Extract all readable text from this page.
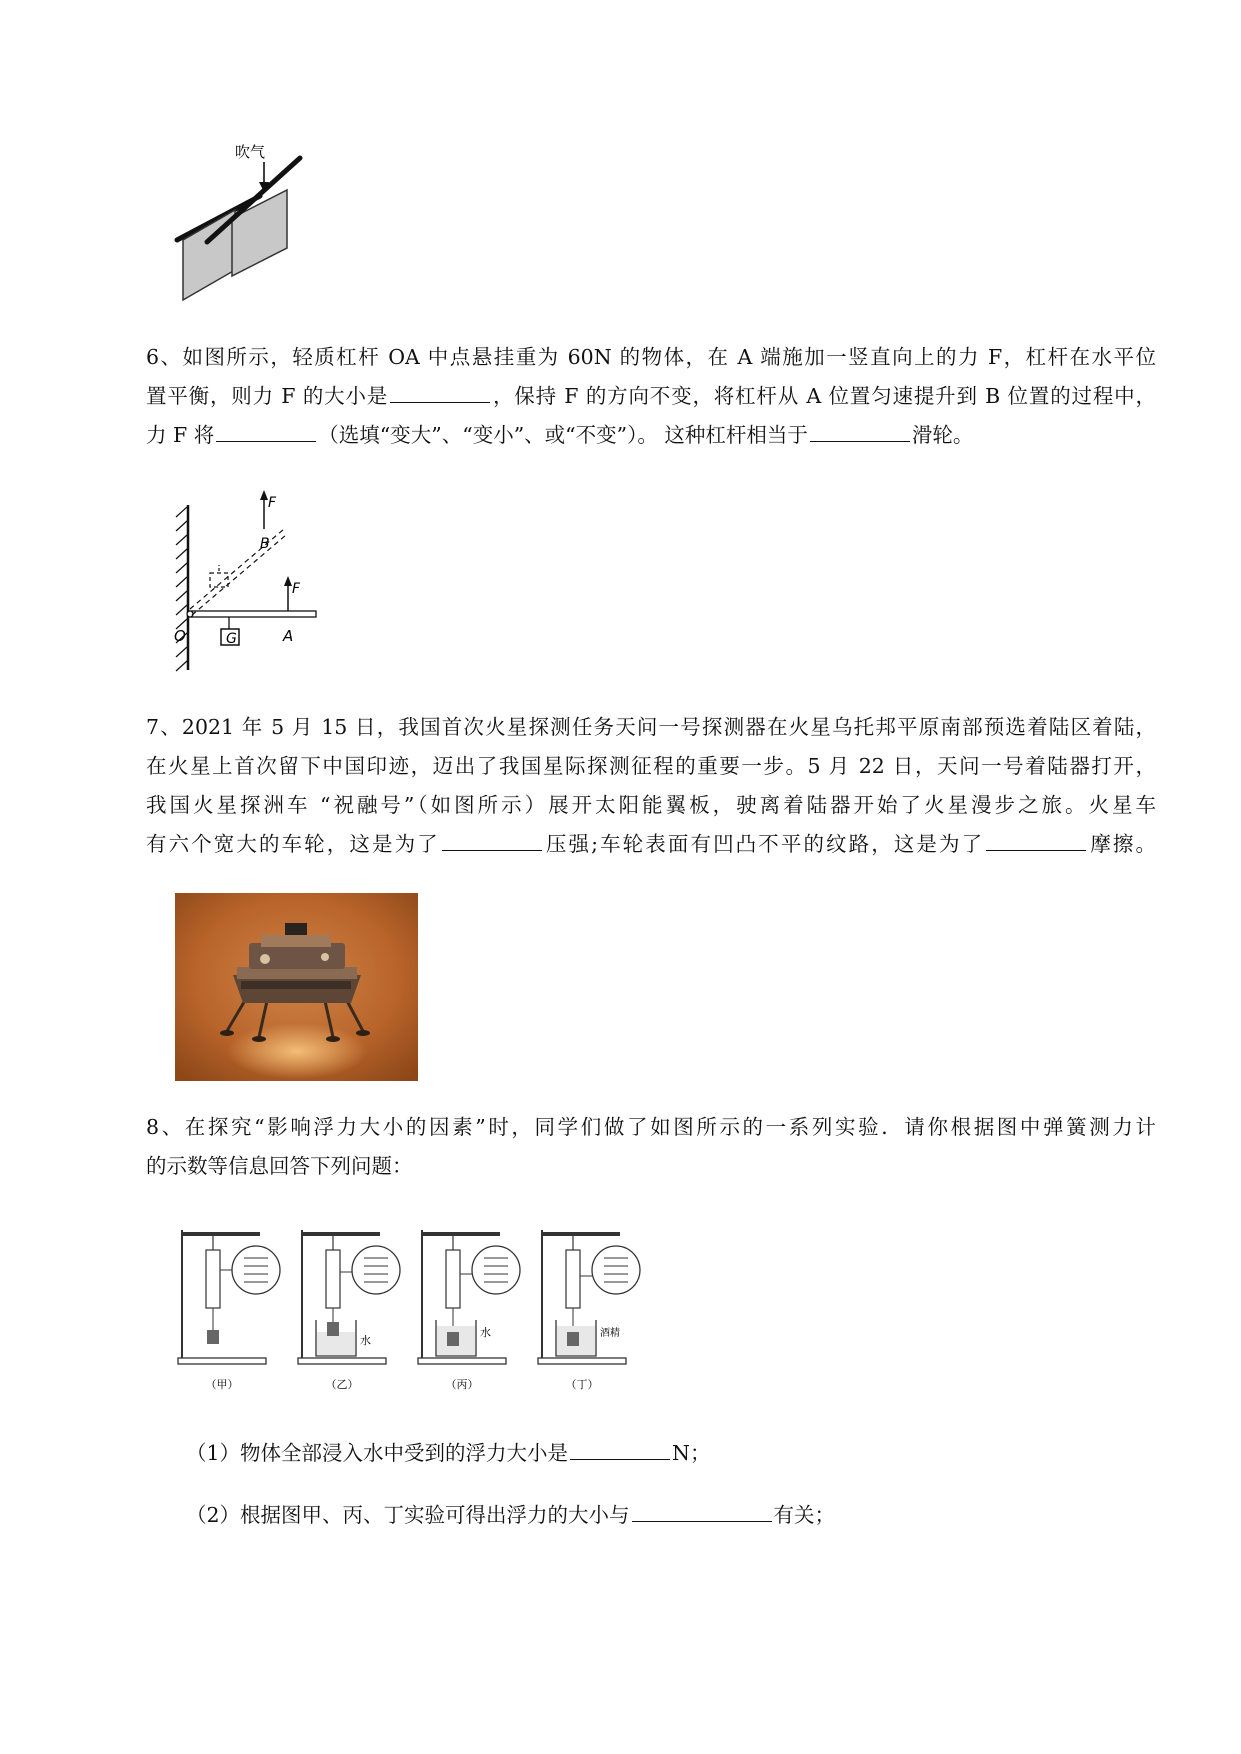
吹气
6、如图所示，轻质杠杆 OA 中点悬挂重为 60N 的物体，在 A 端施加一竖直向上的力 F，杠杆在水平位
置平衡，则力 F 的大小是	，保持 F 的方向不变，将杠杆从 A 位置匀速提升到 B 位置的过程中，
力 F 将	（选填“变大”、“变小”、或“不变”）。 这种杠杆相当于	滑轮。
F
B
F
O	G	A
7、2021 年 5 月 15 日，我国首次火星探测任务天问一号探测器在火星乌托邦平原南部预选着陆区着陆，
在火星上首次留下中国印迹，迈出了我国星际探测征程的重要一步。5 月 22 日，天问一号着陆器打开，
我国火星探洲车 “祝融号”（如图所示）展开太阳能翼板，驶离着陆器开始了火星漫步之旅。火星车
有六个宽大的车轮，这是为了	压强;车轮表面有凹凸不平的纹路，这是为了	摩擦。
8、在探究“影响浮力大小的因素”时，同学们做了如图所示的一系列实验．请你根据图中弹簧测力计
的示数等信息回答下列问题：
水
水	酒精
（甲）	（乙）	（丙）	（丁）
（1）物体全部浸入水中受到的浮力大小是	N；
（2）根据图甲、丙、丁实验可得出浮力的大小与	有关；
